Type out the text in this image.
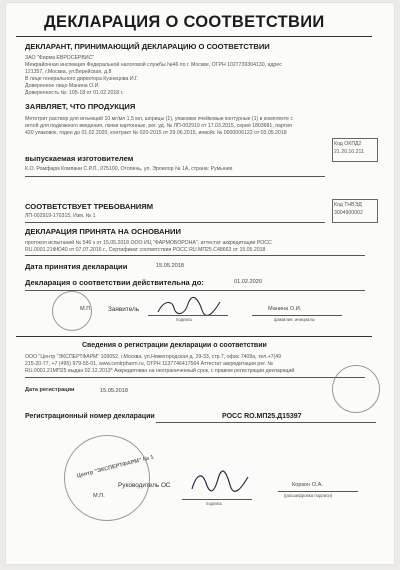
ДЕКЛАРАЦИЯ О СООТВЕТСТВИИ
ДЕКЛАРАНТ, ПРИНИМАЮЩИЙ ДЕКЛАРАЦИЮ О СООТВЕТСТВИИ
ЗАО "Фирма ЕВРОСЕРВИС"
Межрайонная инспекция Федеральной налоговой службы №46 по г. Москве, ОГРН 1027739304130, адрес
121357, г.Москва, ул.Верейская, д.8
В лице генерального директора Кузнецова И.Г.
Доверенное лицо Манина О.И.
Доверенность №: 105-18 от 01.02.2018 г.
ЗАЯВЛЯЕТ, ЧТО ПРОДУКЦИЯ
Метотрит раствор для инъекций 10 мг/мл 1,5 мл, шприцы (1), упаковки ячейковые контурные (1) в комплекте с
иглой для подкожного введения, пачки картонные, рег. уд. № ЛП-002919 от 17.03.2015, серия 1803681, партия
420 упаковок, годен до 01.02.2020, контракт № 020-2015 от 29.06.2015, инвойс № 0000006122 от 03.05.2018
Код ОКПД2
21.20.10.211
выпускаемая изготовителем
К.О. Ромфарм Компани С.Р.Л., 075100, Отопень, ул. Эроилор № 1А, страна: Румыния
Код ТНВЭД
3004900002
СООТВЕТСТВУЕТ ТРЕБОВАНИЯМ
ЛП-002919-170315, Изм. № 1
ДЕКЛАРАЦИЯ ПРИНЯТА НА ОСНОВАНИИ
протокол испытаний № 546 з от 15.05.2018 ООО ИЦ "ФАРМОБОРОНА", аттестат аккредитации РОСС
RU.0001.21ФЮ40 от 07.07.2016 г., Сертификат соответствия РОСС RU.МП25.С48663 от 15.05.2018
Дата принятия декларации	15.05.2018
Декларация о соответствии действительна до:	01.02.2020
М.П.	Заявитель
подпись
Манина О.И.
фамилия, инициалы
Сведения о регистрации декларации о соответствии
ООО "Центр "ЭКСПЕРТФАРМ" 109052, г.Москва, ул.Нижегородская д. 29-33, стр.7, офис 7409а, тел.+7(49
215-20-77, +7 (495) 979-55-01, www.centrpharm.ru, ОГРН 1137746417564 Аттестат аккредитации рег. №
RU.0001.21МП25 выдан 02.12.2013* Аккредитован на неограниченный срок, с правом регистрации деклараций
Дата регистрации	15.05.2018
Регистрационный номер декларации	РОСС RO.МП25.Д15397
Центр "ЭКСПЕРТФАРМ" № 1
М.П.
Руководитель ОС
подпись
Корзон О.А.
(расшифровка подписи)
